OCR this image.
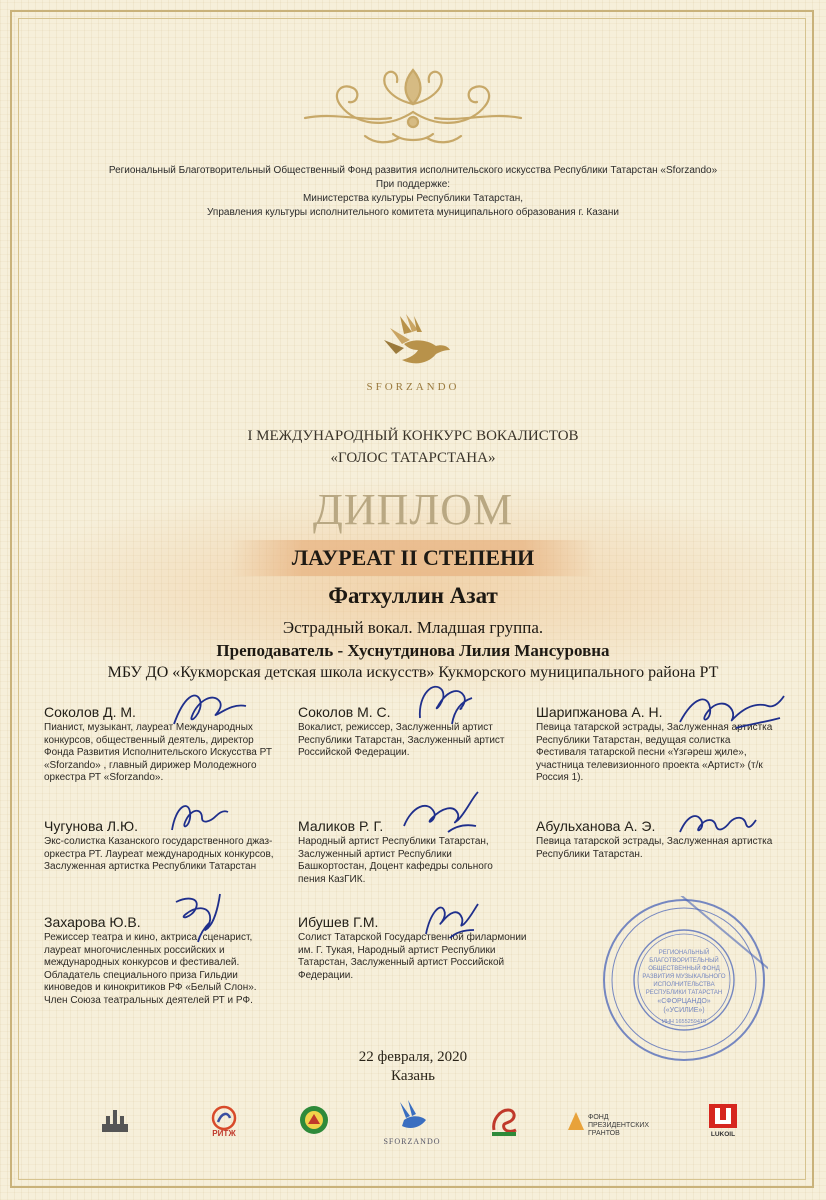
Региональный Благотворительный Общественный Фонд развития исполнительского искусства Республики Татарстан «Sforzando»
При поддержке:
Министерства культуры Республики Татарстан,
Управления культуры исполнительного комитета муниципального образования г. Казани
SFORZANDO
I МЕЖДУНАРОДНЫЙ КОНКУРС ВОКАЛИСТОВ
«ГОЛОС ТАТАРСТАНА»
ДИПЛОМ
ЛАУРЕАТ II СТЕПЕНИ
Фатхуллин Азат
Эстрадный вокал. Младшая группа.
Преподаватель - Хуснутдинова Лилия Мансуровна
МБУ ДО «Кукморская детская школа искусств» Кукморского муниципального района РТ
Соколов Д. М.
Пианист, музыкант, лауреат Международных конкурсов, общественный деятель, директор Фонда Развития Исполнительского Искусства РТ «Sforzando» , главный дирижер Молодежного оркестра РТ «Sforzando».
Соколов М. С.
Вокалист, режиссер, Заслуженный артист Республики Татарстан, Заслуженный артист Российской Федерации.
Шарипжанова А. Н.
Певица татарской эстрады, Заслуженная артистка Республики Татарстан, ведущая солистка Фестиваля татарской песни «Үзгәреш җиле», участница телевизионного проекта «Артист» (т/к Россия 1).
Чугунова Л.Ю.
Экс-солистка Казанского государственного джаз-оркестра РТ. Лауреат международных конкурсов, Заслуженная артистка Республики Татарстан
Маликов Р. Г.
Народный артист Республики Татарстан, Заслуженный артист Республики Башкортостан, Доцент кафедры сольного пения КазГИК.
Абульханова А. Э.
Певица татарской эстрады, Заслуженная артистка Республики Татарстан.
Захарова Ю.В.
Режиссер театра и кино, актриса, сценарист, лауреат многочисленных российских и международных конкурсов и фестивалей. Обладатель специального приза Гильдии киноведов и кинокритиков РФ «Белый Слон». Член Союза театральных деятелей РТ и РФ.
Ибушев Г.М.
Солист Татарской Государственной филармонии им. Г. Тукая, Народный артист Республики Татарстан, Заслуженный артист Российской Федерации.
РЕГИОНАЛЬНЫЙ
БЛАГОТВОРИТЕЛЬНЫЙ
ОБЩЕСТВЕННЫЙ ФОНД
РАЗВИТИЯ МУЗЫКАЛЬНОГО
ИСПОЛНИТЕЛЬСТВА
РЕСПУБЛИКИ ТАТАРСТАН
«СФОРЦАНДО»
(«УСИЛИЕ»)
ИНН 1655259410
22 февраля, 2020
Казань
РИТЖ
SFORZANDO
ФОНД
ПРЕЗИДЕНТСКИХ
ГРАНТОВ	LUKOIL
